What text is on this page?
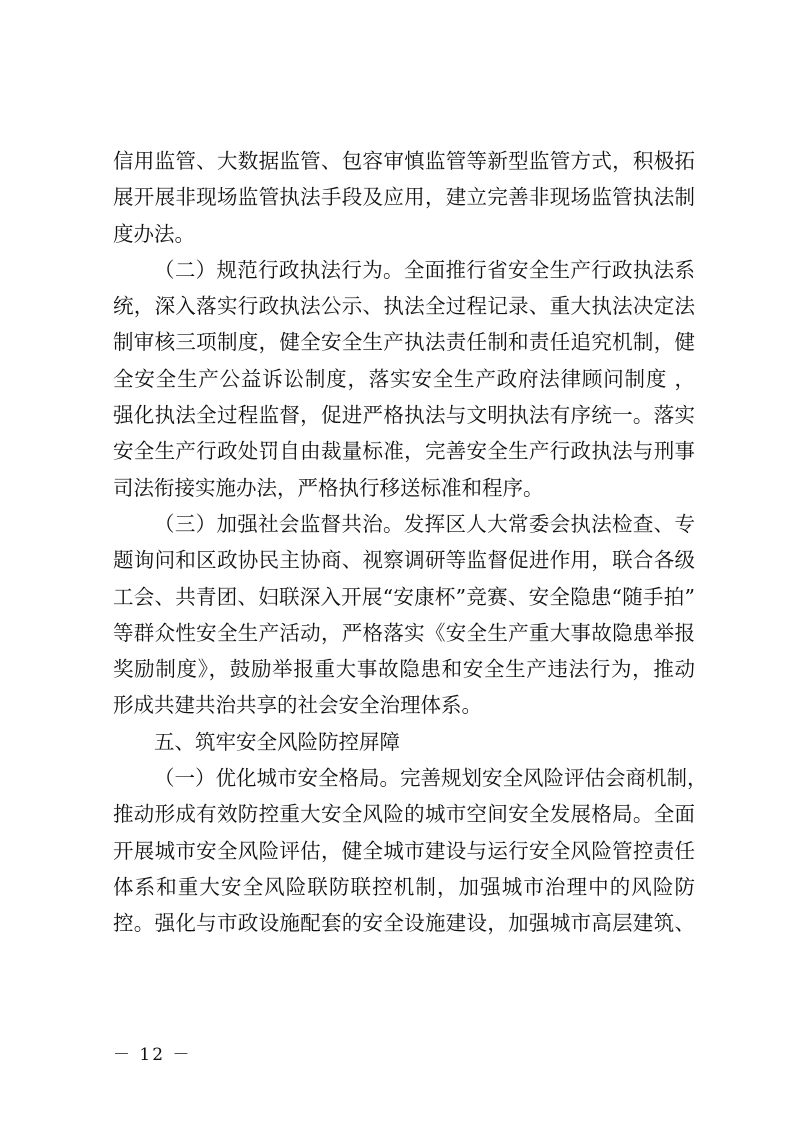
信用监管、大数据监管、包容审慎监管等新型监管方式，积极拓
展开展非现场监管执法手段及应用，建立完善非现场监管执法制
度办法。
（二）规范行政执法行为。全面推行省安全生产行政执法系
统，深入落实行政执法公示、执法全过程记录、重大执法决定法
制审核三项制度，健全安全生产执法责任制和责任追究机制，健
全安全生产公益诉讼制度，落实安全生产政府法律顾问制度 ，
强化执法全过程监督，促进严格执法与文明执法有序统一。落实
安全生产行政处罚自由裁量标准，完善安全生产行政执法与刑事
司法衔接实施办法，严格执行移送标准和程序。
（三）加强社会监督共治。发挥区人大常委会执法检查、专
题询问和区政协民主协商、视察调研等监督促进作用，联合各级
工会、共青团、妇联深入开展“安康杯”竞赛、安全隐患“随手拍”
等群众性安全生产活动，严格落实《安全生产重大事故隐患举报
奖励制度》，鼓励举报重大事故隐患和安全生产违法行为，推动
形成共建共治共享的社会安全治理体系。
五、筑牢安全风险防控屏障
（一）优化城市安全格局。完善规划安全风险评估会商机制，
推动形成有效防控重大安全风险的城市空间安全发展格局。全面
开展城市安全风险评估，健全城市建设与运行安全风险管控责任
体系和重大安全风险联防联控机制，加强城市治理中的风险防
控。强化与市政设施配套的安全设施建设，加强城市高层建筑、
－ 12 －
